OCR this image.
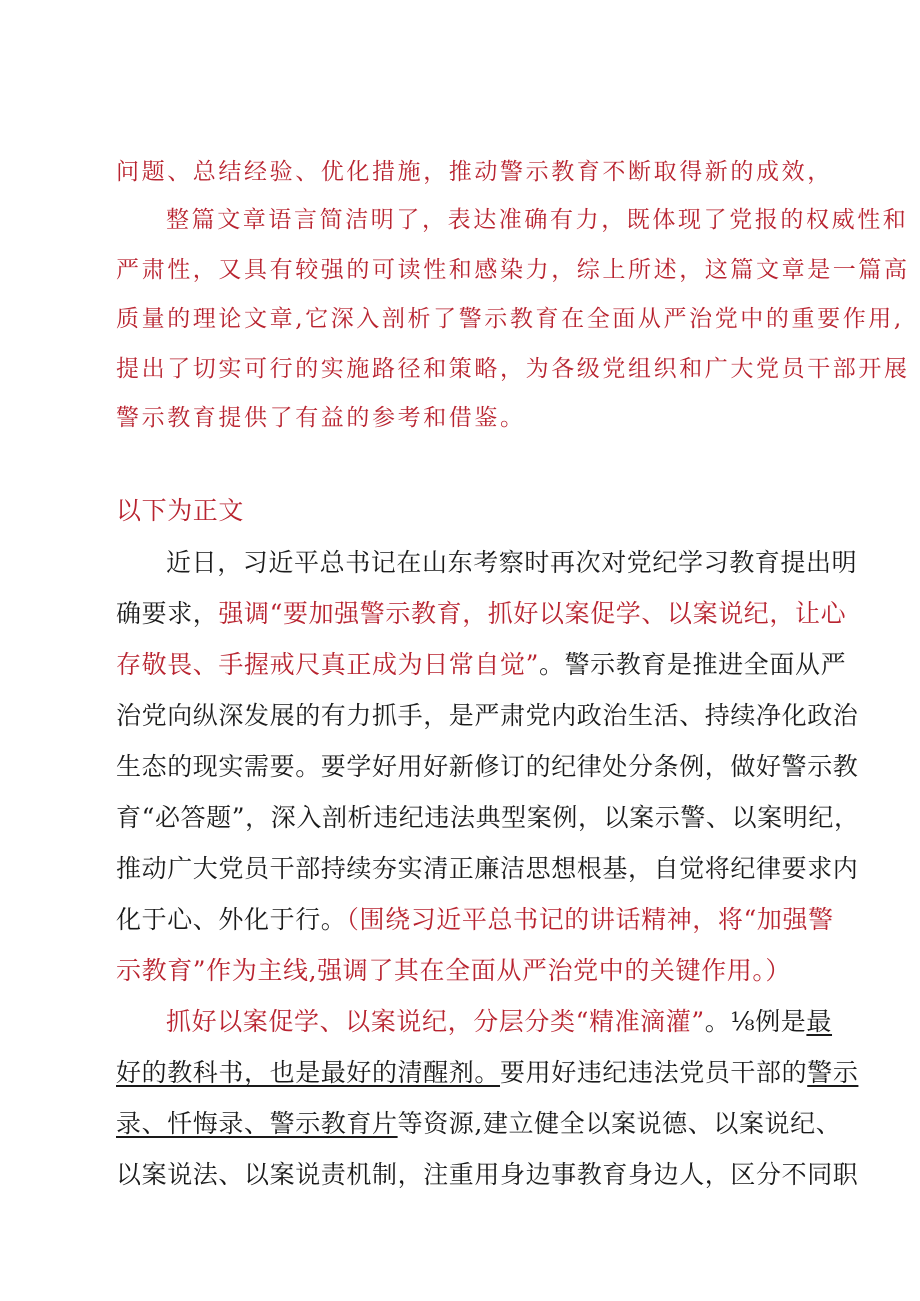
问题、总结经验、优化措施，推动警示教育不断取得新的成效，

整篇文章语言简洁明了，表达准确有力，既体现了党报的权威性和

严肃性，又具有较强的可读性和感染力，综上所述，这篇文章是一篇高

质量的理论文章,它深入剖析了警示教育在全面从严治党中的重要作用,

提出了切实可行的实施路径和策略，为各级党组织和广大党员干部开展

警示教育提供了有益的参考和借鉴。

以下为正文

近日，习近平总书记在山东考察时再次对党纪学习教育提出明

确要求，强调“要加强警示教育，抓好以案促学、以案说纪，让心

存敬畏、手握戒尺真正成为日常自觉”。警示教育是推进全面从严

治党向纵深发展的有力抓手，是严肃党内政治生活、持续净化政治

生态的现实需要。要学好用好新修订的纪律处分条例，做好警示教

育“必答题”，深入剖析违纪违法典型案例，以案示警、以案明纪，

推动广大党员干部持续夯实清正廉洁思想根基，自觉将纪律要求内

化于心、外化于行。（围绕习近平总书记的讲话精神，将“加强警

示教育”作为主线,强调了其在全面从严治党中的关键作用。）

抓好以案促学、以案说纪，分层分类“精准滴灌”。⅛例是最

好的教科书，也是最好的清醒剂。要用好违纪违法党员干部的警示

录、忏悔录、警示教育片等资源,建立健全以案说德、以案说纪、

以案说法、以案说责机制，注重用身边事教育身边人，区分不同职
